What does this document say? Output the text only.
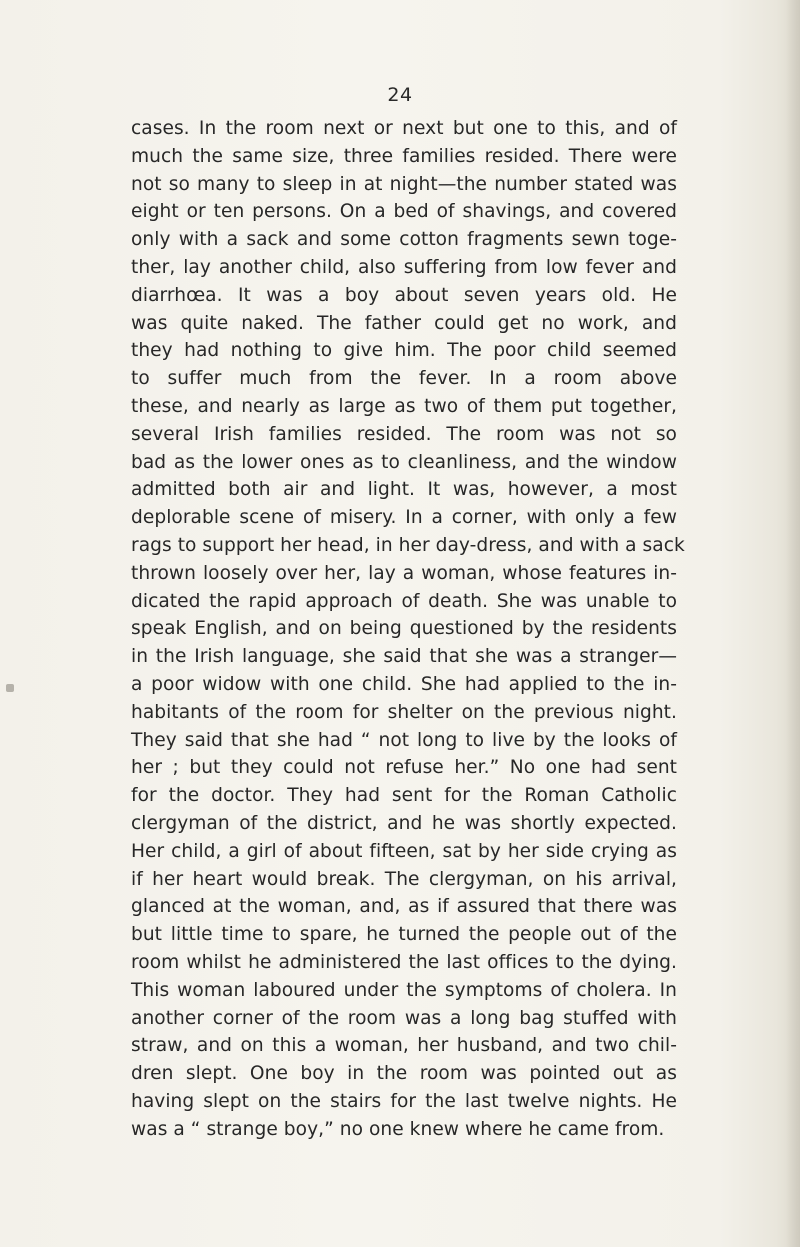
24
cases. In the room next or next but one to this, and of
much the same size, three families resided. There were
not so many to sleep in at night—the number stated was
eight or ten persons. On a bed of shavings, and covered
only with a sack and some cotton fragments sewn toge-
ther, lay another child, also suffering from low fever and
diarrhœa. It was a boy about seven years old. He
was quite naked. The father could get no work, and
they had nothing to give him. The poor child seemed
to suffer much from the fever. In a room above
these, and nearly as large as two of them put together,
several Irish families resided. The room was not so
bad as the lower ones as to cleanliness, and the window
admitted both air and light. It was, however, a most
deplorable scene of misery. In a corner, with only a few
rags to support her head, in her day-dress, and with a sack
thrown loosely over her, lay a woman, whose features in-
dicated the rapid approach of death. She was unable to
speak English, and on being questioned by the residents
in the Irish language, she said that she was a stranger—
a poor widow with one child. She had applied to the in-
habitants of the room for shelter on the previous night.
They said that she had “ not long to live by the looks of
her ; but they could not refuse her.” No one had sent
for the doctor. They had sent for the Roman Catholic
clergyman of the district, and he was shortly expected.
Her child, a girl of about fifteen, sat by her side crying as
if her heart would break. The clergyman, on his arrival,
glanced at the woman, and, as if assured that there was
but little time to spare, he turned the people out of the
room whilst he administered the last offices to the dying.
This woman laboured under the symptoms of cholera. In
another corner of the room was a long bag stuffed with
straw, and on this a woman, her husband, and two chil-
dren slept. One boy in the room was pointed out as
having slept on the stairs for the last twelve nights. He
was a “ strange boy,” no one knew where he came from.
